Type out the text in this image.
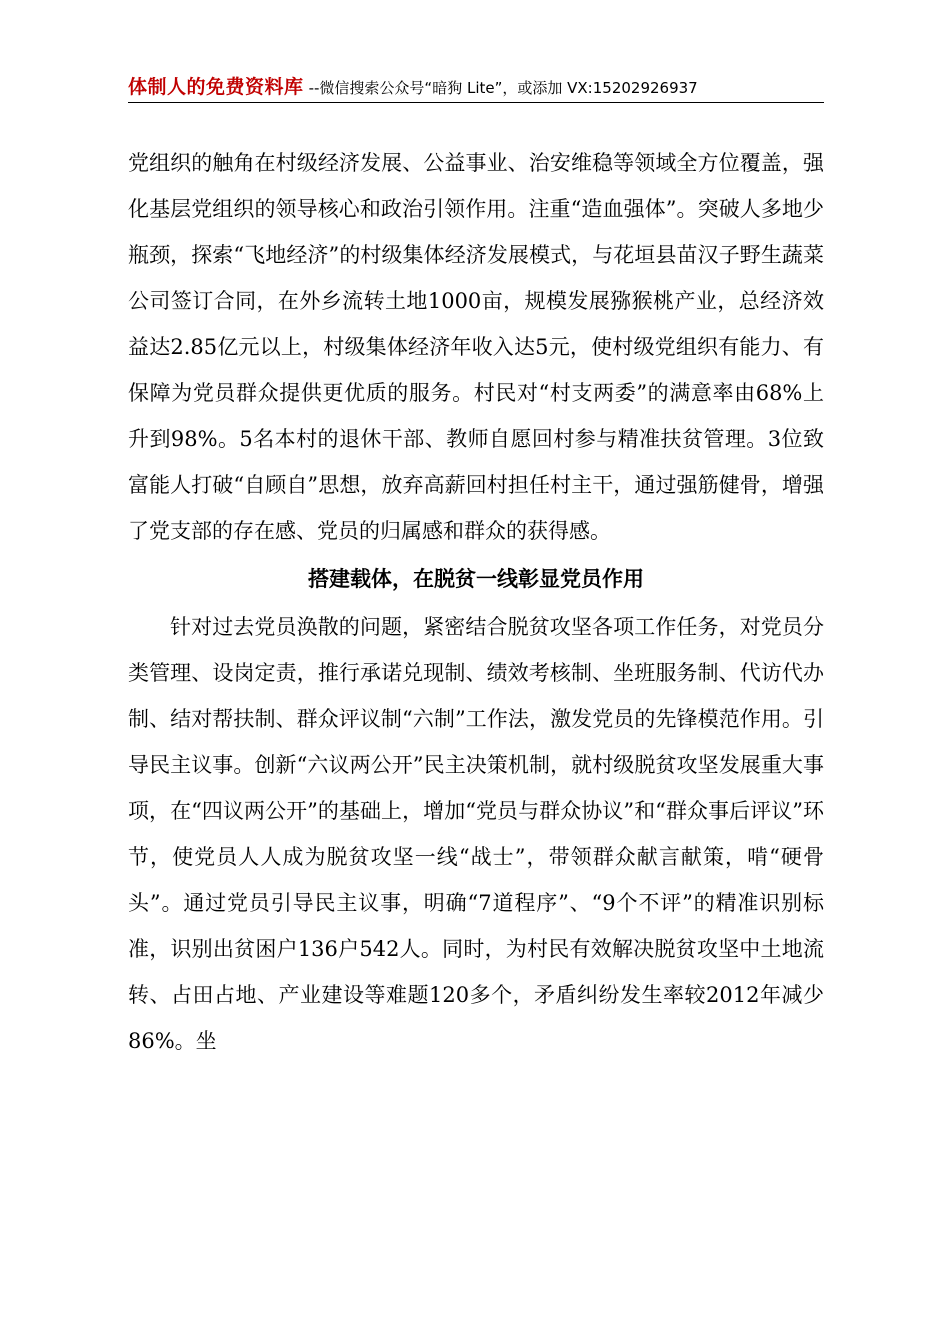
体制人的免费资料库 --微信搜索公众号“暗狗 Lite”，或添加 VX:15202926937

党组织的触角在村级经济发展、公益事业、治安维稳等领域全方位覆盖，强化基层党组织的领导核心和政治引领作用。注重“造血强体”。突破人多地少瓶颈，探索“飞地经济”的村级集体经济发展模式，与花垣县苗汉子野生蔬菜公司签订合同，在外乡流转土地1000亩，规模发展猕猴桃产业，总经济效益达2.85亿元以上，村级集体经济年收入达5元，使村级党组织有能力、有保障为党员群众提供更优质的服务。村民对“村支两委”的满意率由68%上升到98%。5名本村的退休干部、教师自愿回村参与精准扶贫管理。3位致富能人打破“自顾自”思想，放弃高薪回村担任村主干，通过强筋健骨，增强了党支部的存在感、党员的归属感和群众的获得感。

搭建载体，在脱贫一线彰显党员作用

针对过去党员涣散的问题，紧密结合脱贫攻坚各项工作任务，对党员分类管理、设岗定责，推行承诺兑现制、绩效考核制、坐班服务制、代访代办制、结对帮扶制、群众评议制“六制”工作法，激发党员的先锋模范作用。引导民主议事。创新“六议两公开”民主决策机制，就村级脱贫攻坚发展重大事项，在“四议两公开”的基础上，增加“党员与群众协议”和“群众事后评议”环节，使党员人人成为脱贫攻坚一线“战士”，带领群众献言献策，啃“硬骨头”。通过党员引导民主议事，明确“7道程序”、“9个不评”的精准识别标准，识别出贫困户136户542人。同时，为村民有效解决脱贫攻坚中土地流转、占田占地、产业建设等难题120多个，矛盾纠纷发生率较2012年减少86%。坐
